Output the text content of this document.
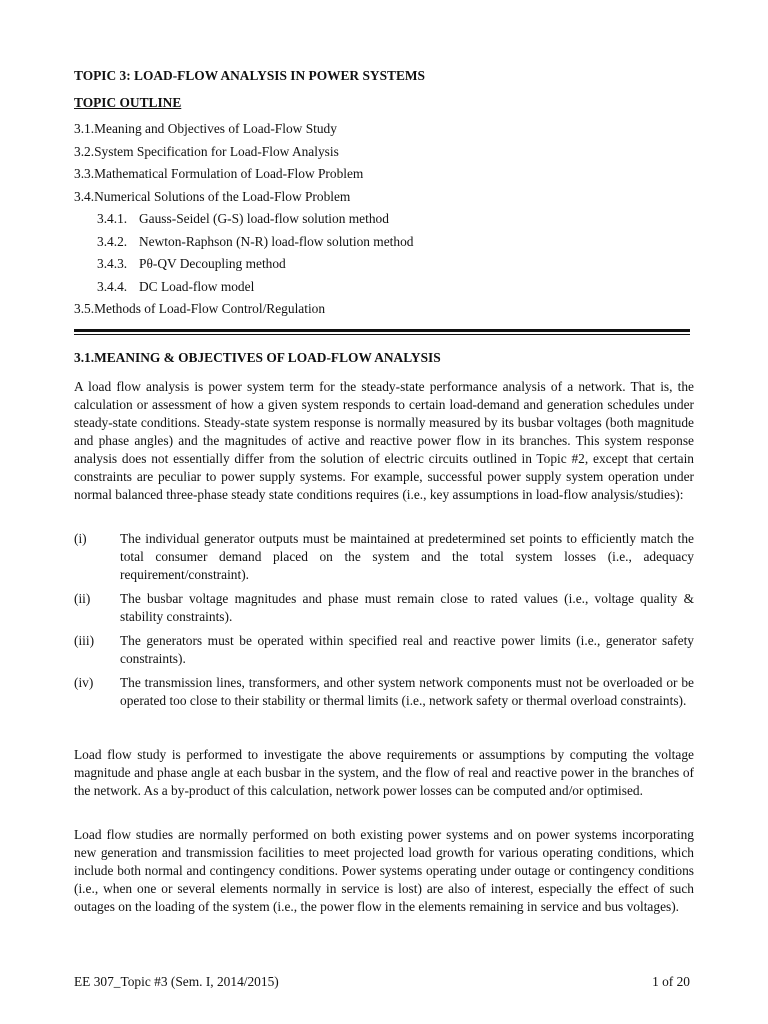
TOPIC 3: LOAD-FLOW ANALYSIS IN POWER SYSTEMS
TOPIC OUTLINE
3.1.Meaning and Objectives of Load-Flow Study
3.2.System Specification for Load-Flow Analysis
3.3.Mathematical Formulation of Load-Flow Problem
3.4.Numerical Solutions of the Load-Flow Problem
3.4.1. Gauss-Seidel (G-S) load-flow solution method
3.4.2. Newton-Raphson (N-R) load-flow solution method
3.4.3. Pθ-QV Decoupling method
3.4.4. DC Load-flow model
3.5.Methods of Load-Flow Control/Regulation
3.1.MEANING & OBJECTIVES OF LOAD-FLOW ANALYSIS

A load flow analysis is power system term for the steady-state performance analysis of a network. That is, the calculation or assessment of how a given system responds to certain load-demand and generation schedules under steady-state conditions. Steady-state system response is normally measured by its busbar voltages (both magnitude and phase angles) and the magnitudes of active and reactive power flow in its branches. This system response analysis does not essentially differ from the solution of electric circuits outlined in Topic #2, except that certain constraints are peculiar to power supply systems. For example, successful power supply system operation under normal balanced three-phase steady state conditions requires (i.e., key assumptions in load-flow analysis/studies):

(i)	The individual generator outputs must be maintained at predetermined set points to efficiently match the total consumer demand placed on the system and the total system losses (i.e., adequacy requirement/constraint).
(ii)	The busbar voltage magnitudes and phase must remain close to rated values (i.e., voltage quality & stability constraints).
(iii)	The generators must be operated within specified real and reactive power limits (i.e., generator safety constraints).
(iv)	The transmission lines, transformers, and other system network components must not be overloaded or be operated too close to their stability or thermal limits (i.e., network safety or thermal overload constraints).

Load flow study is performed to investigate the above requirements or assumptions by computing the voltage magnitude and phase angle at each busbar in the system, and the flow of real and reactive power in the branches of the network. As a by-product of this calculation, network power losses can be computed and/or optimised.

Load flow studies are normally performed on both existing power systems and on power systems incorporating new generation and transmission facilities to meet projected load growth for various operating conditions, which include both normal and contingency conditions. Power systems operating under outage or contingency conditions (i.e., when one or several elements normally in service is lost) are also of interest, especially the effect of such outages on the loading of the system (i.e., the power flow in the elements remaining in service and bus voltages).

EE 307_Topic #3 (Sem. I, 2014/2015)	1 of 20
